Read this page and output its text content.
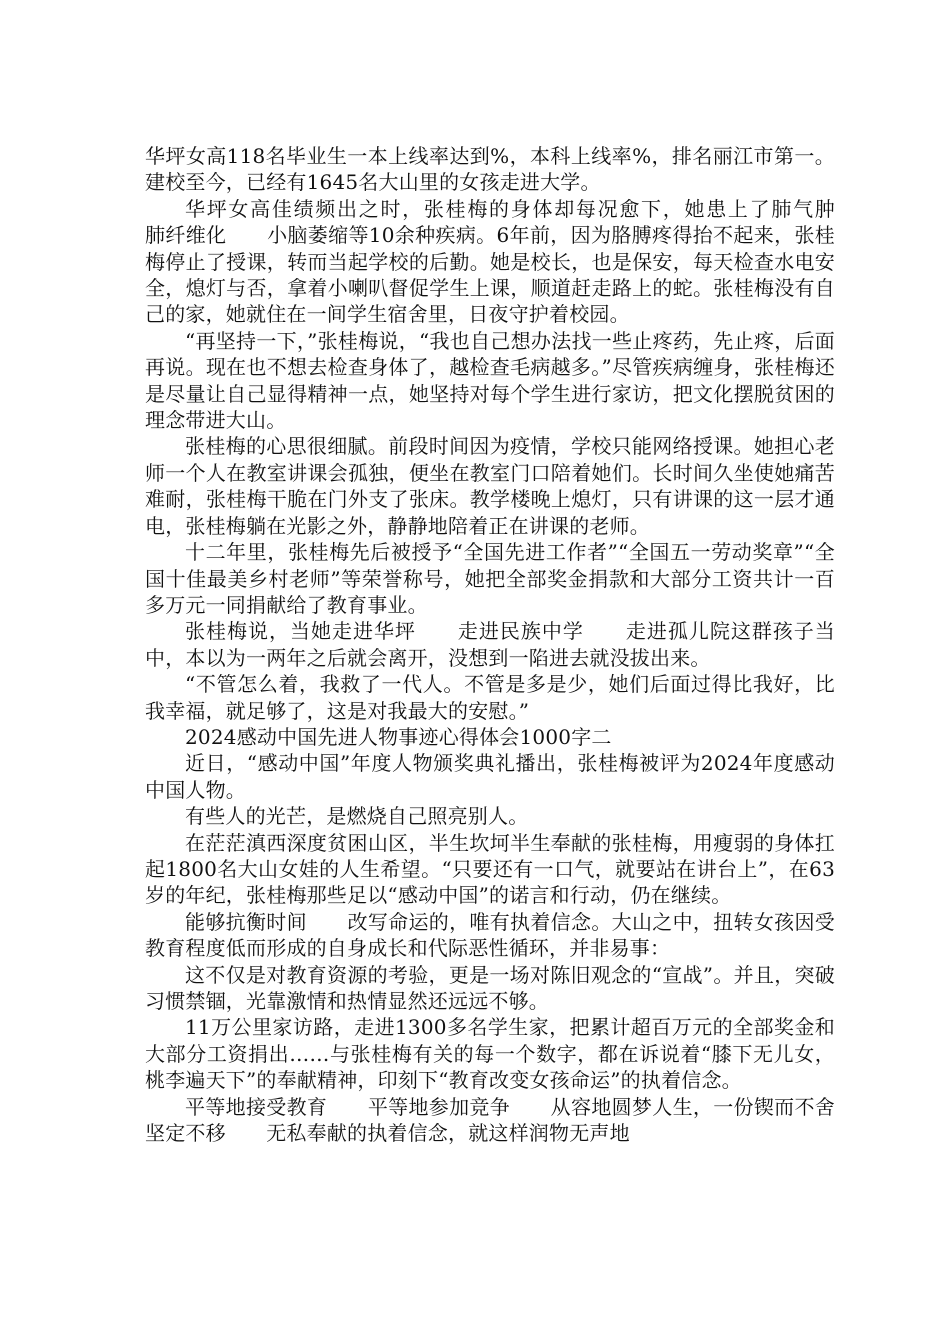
华坪女高118名毕业生一本上线率达到%，本科上线率%，排名丽江市第一。建校至今，已经有1645名大山里的女孩走进大学。

华坪女高佳绩频出之时，张桂梅的身体却每况愈下，她患上了肺气肿　　肺纤维化　　小脑萎缩等10余种疾病。6年前，因为胳膊疼得抬不起来，张桂梅停止了授课，转而当起学校的后勤。她是校长，也是保安，每天检查水电安全，熄灯与否，拿着小喇叭督促学生上课，顺道赶走路上的蛇。张桂梅没有自己的家，她就住在一间学生宿舍里，日夜守护着校园。

“再坚持一下，”张桂梅说，“我也自己想办法找一些止疼药，先止疼，后面再说。现在也不想去检查身体了，越检查毛病越多。”尽管疾病缠身，张桂梅还是尽量让自己显得精神一点，她坚持对每个学生进行家访，把文化摆脱贫困的理念带进大山。

张桂梅的心思很细腻。前段时间因为疫情，学校只能网络授课。她担心老师一个人在教室讲课会孤独，便坐在教室门口陪着她们。长时间久坐使她痛苦难耐，张桂梅干脆在门外支了张床。教学楼晚上熄灯，只有讲课的这一层才通电，张桂梅躺在光影之外，静静地陪着正在讲课的老师。

十二年里，张桂梅先后被授予“全国先进工作者”“全国五一劳动奖章”“全国十佳最美乡村老师”等荣誉称号，她把全部奖金捐款和大部分工资共计一百多万元一同捐献给了教育事业。

张桂梅说，当她走进华坪　　走进民族中学　　走进孤儿院这群孩子当中，本以为一两年之后就会离开，没想到一陷进去就没拔出来。

“不管怎么着，我救了一代人。不管是多是少，她们后面过得比我好，比我幸福，就足够了，这是对我最大的安慰。”

2024感动中国先进人物事迹心得体会1000字二

近日，“感动中国”年度人物颁奖典礼播出，张桂梅被评为2024年度感动中国人物。

有些人的光芒，是燃烧自己照亮别人。

在茫茫滇西深度贫困山区，半生坎坷半生奉献的张桂梅，用瘦弱的身体扛起1800名大山女娃的人生希望。“只要还有一口气，就要站在讲台上”，在63岁的年纪，张桂梅那些足以“感动中国”的诺言和行动，仍在继续。

能够抗衡时间　　改写命运的，唯有执着信念。大山之中，扭转女孩因受教育程度低而形成的自身成长和代际恶性循环，并非易事：

这不仅是对教育资源的考验，更是一场对陈旧观念的“宣战”。并且，突破习惯禁锢，光靠激情和热情显然还远远不够。

11万公里家访路，走进1300多名学生家，把累计超百万元的全部奖金和大部分工资捐出……与张桂梅有关的每一个数字，都在诉说着“膝下无儿女，桃李遍天下”的奉献精神，印刻下“教育改变女孩命运”的执着信念。

平等地接受教育　　平等地参加竞争　　从容地圆梦人生，一份锲而不舍　　坚定不移　　无私奉献的执着信念，就这样润物无声地
